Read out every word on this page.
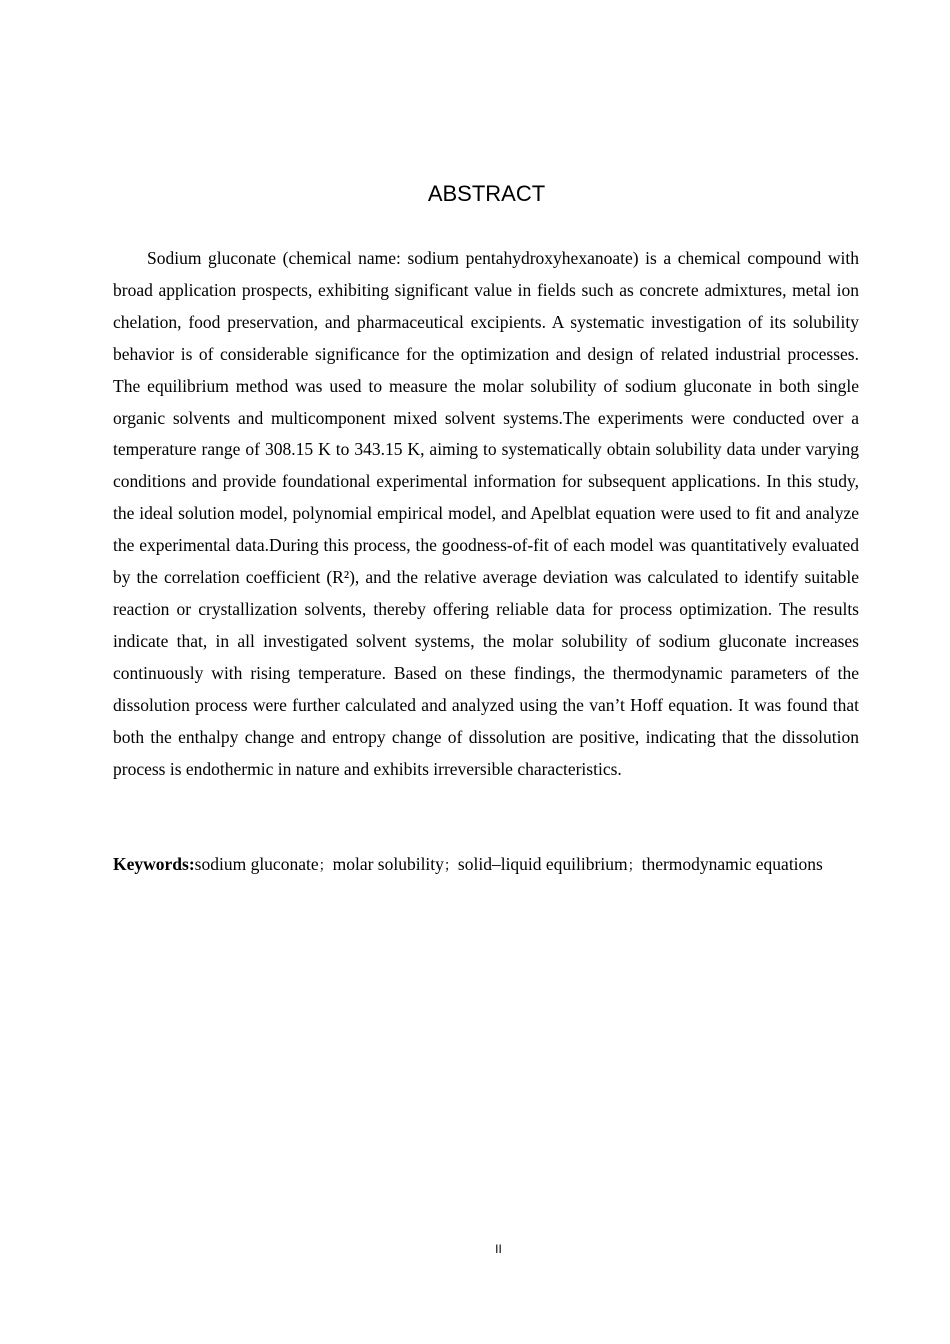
ABSTRACT

Sodium gluconate (chemical name: sodium pentahydroxyhexanoate) is a chemical compound with broad application prospects, exhibiting significant value in fields such as concrete admixtures, metal ion chelation, food preservation, and pharmaceutical excipients. A systematic investigation of its solubility behavior is of considerable significance for the optimization and design of related industrial processes. The equilibrium method was used to measure the molar solubility of sodium gluconate in both single organic solvents and multicomponent mixed solvent systems.The experiments were conducted over a temperature range of 308.15 K to 343.15 K, aiming to systematically obtain solubility data under varying conditions and provide foundational experimental information for subsequent applications. In this study, the ideal solution model, polynomial empirical model, and Apelblat equation were used to fit and analyze the experimental data.During this process, the goodness-of-fit of each model was quantitatively evaluated by the correlation coefficient (R²), and the relative average deviation was calculated to identify suitable reaction or crystallization solvents, thereby offering reliable data for process optimization. The results indicate that, in all investigated solvent systems, the molar solubility of sodium gluconate increases continuously with rising temperature. Based on these findings, the thermodynamic parameters of the dissolution process were further calculated and analyzed using the van’t Hoff equation. It was found that both the enthalpy change and entropy change of dissolution are positive, indicating that the dissolution process is endothermic in nature and exhibits irreversible characteristics.

Keywords:sodium gluconate；molar solubility；solid–liquid equilibrium；thermodynamic equations

II
